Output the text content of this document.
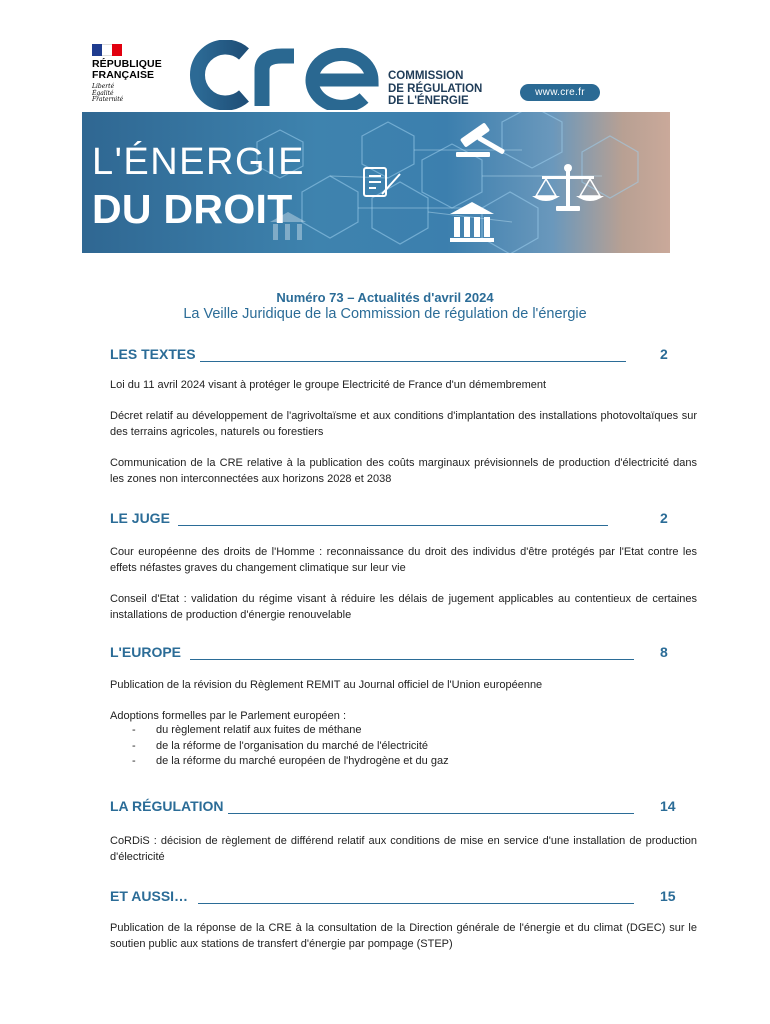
RÉPUBLIQUE
FRANÇAISE
Liberté
Égalité
Fraternité
COMMISSION
DE RÉGULATION
DE L'ÉNERGIE
www.cre.fr
L'ÉNERGIE
DU DROIT
Numéro 73 – Actualités d'avril 2024
La Veille Juridique de la Commission de régulation de l'énergie
LES TEXTES	2
Loi du 11 avril 2024 visant à protéger le groupe Electricité de France d'un démembrement
Décret relatif au développement de l'agrivoltaïsme et aux conditions d'implantation des installations photovoltaïques sur des terrains agricoles, naturels ou forestiers
Communication de la CRE relative à la publication des coûts marginaux prévisionnels de production d'électricité dans les zones non interconnectées aux horizons 2028 et 2038
LE JUGE	2
Cour européenne des droits de l'Homme : reconnaissance du droit des individus d'être protégés par l'Etat contre les effets néfastes graves du changement climatique sur leur vie
Conseil d'Etat : validation du régime visant à réduire les délais de jugement applicables au contentieux de certaines installations de production d'énergie renouvelable
L'EUROPE	8
Publication de la révision du Règlement REMIT au Journal officiel de l'Union européenne
Adoptions formelles par le Parlement européen :
- du règlement relatif aux fuites de méthane
- de la réforme de l'organisation du marché de l'électricité
- de la réforme du marché européen de l'hydrogène et du gaz
LA RÉGULATION	14
CoRDiS : décision de règlement de différend relatif aux conditions de mise en service d'une installation de production d'électricité
ET AUSSI…	15
Publication de la réponse de la CRE à la consultation de la Direction générale de l'énergie et du climat (DGEC) sur le soutien public aux stations de transfert d'énergie par pompage (STEP)
